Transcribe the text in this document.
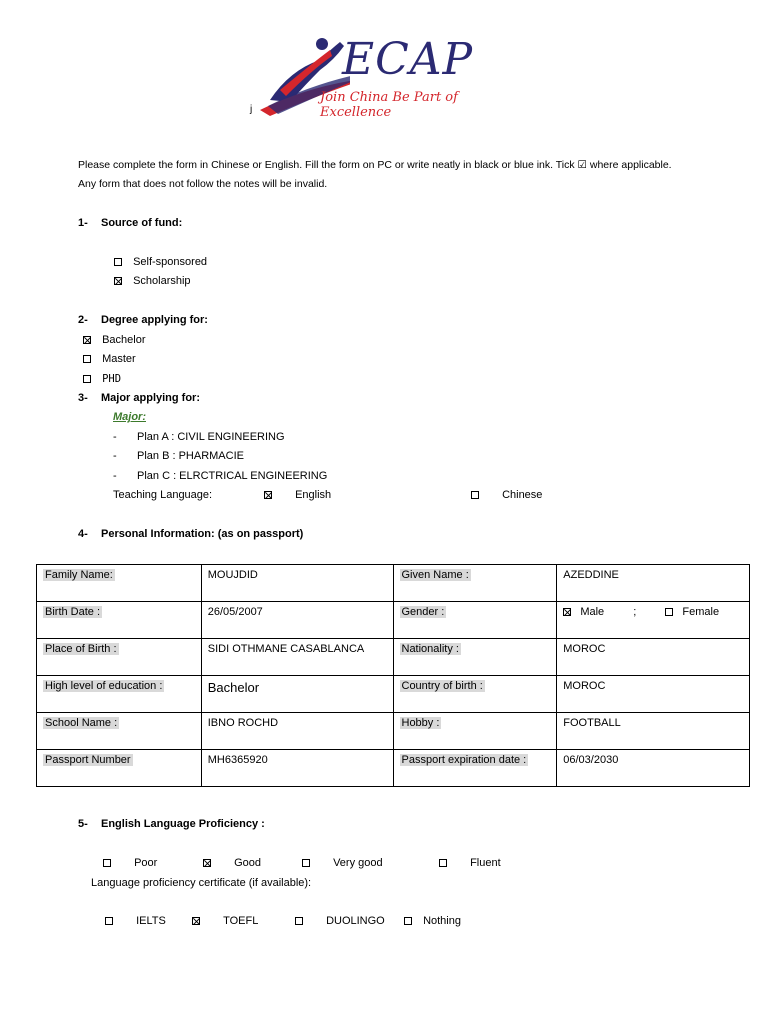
ECAP
Join China Be Part of Excellence
j
Please complete the form in Chinese or English. Fill the form on PC or write neatly in black or blue ink. Tick ☑ where applicable.
Any form that does not follow the notes will be invalid.
1- Source of fund:
Self-sponsored
Scholarship
2- Degree applying for:
Bachelor
Master
PHD
3- Major applying for:
Major:
- Plan A : CIVIL ENGINEERING
- Plan B : PHARMACIE
- Plan C : ELRCTRICAL ENGINEERING
Teaching Language:	English	Chinese
4- Personal Information: (as on passport)
Family Name:	MOUJDID	Given Name :	AZEDDINE
Birth Date :	26/05/2007	Gender :	Male ; Female
Place of Birth :	SIDI OTHMANE CASABLANCA	Nationality :	MOROC
High level of education :	Bachelor	Country of birth :	MOROC
School Name :	IBNO ROCHD	Hobby :	FOOTBALL
Passport Number	MH6365920	Passport expiration date :	06/03/2030
5- English Language Proficiency :
Poor	Good	Very good	Fluent
Language proficiency certificate (if available):
IELTS	TOEFL	DUOLINGO	Nothing
